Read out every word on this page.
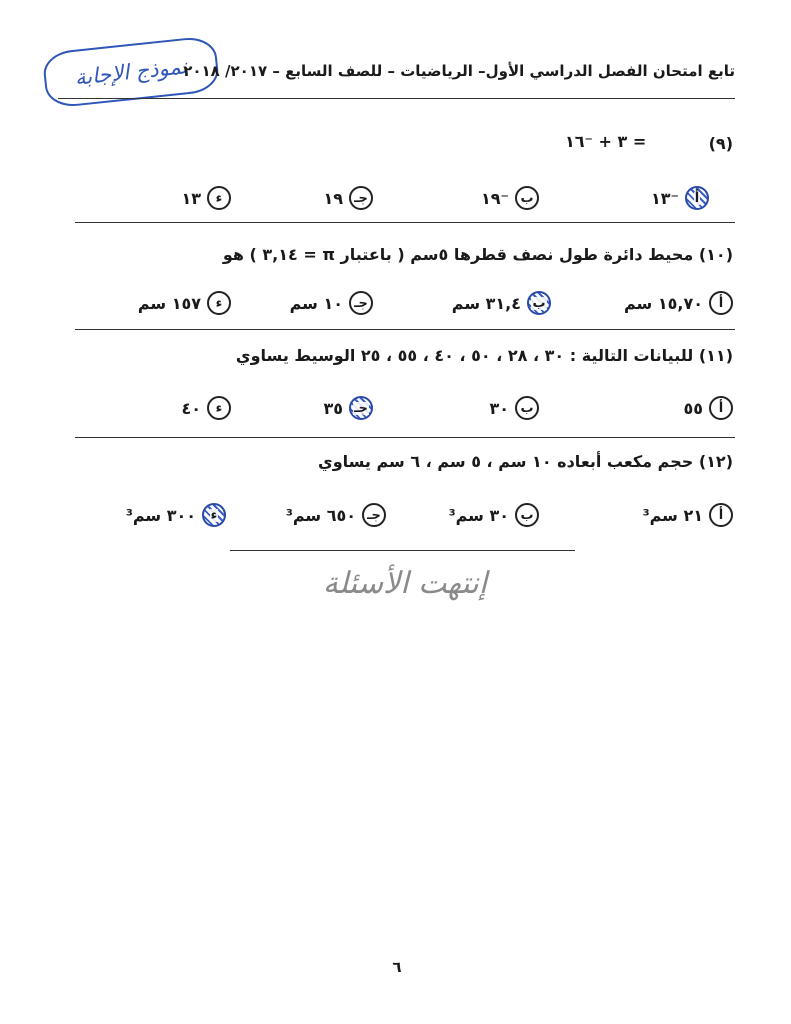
نموذج الإجابة
تابع امتحان الفصل الدراسي الأول– الرياضيات – للصف السابع – ٢٠١٧/ ٢٠١٨
(٩)
٣ + ⁻١٦ =
أ
⁻١٣
ب
⁻١٩
جـ
١٩
ء
١٣
(١٠) محيط دائرة طول نصف قطرها ٥سم ( باعتبار π = ٣,١٤ ) هو
أ
١٥,٧٠ سم
ب
٣١,٤ سم
جـ
١٠ سم
ء
١٥٧ سم
(١١) للبيانات التالية : ٣٠ ، ٢٨ ، ٥٠ ، ٤٠ ، ٥٥ ، ٢٥ الوسيط يساوي
أ
٥٥
ب
٣٠
جـ
٣٥
ء
٤٠
(١٢) حجم مكعب أبعاده ١٠ سم ، ٥ سم ، ٦ سم يساوي
أ
٢١ سم³
ب
٣٠ سم³
جـ
٦٥٠ سم³
ء
٣٠٠ سم³
إنتهت الأسئلة
٦
